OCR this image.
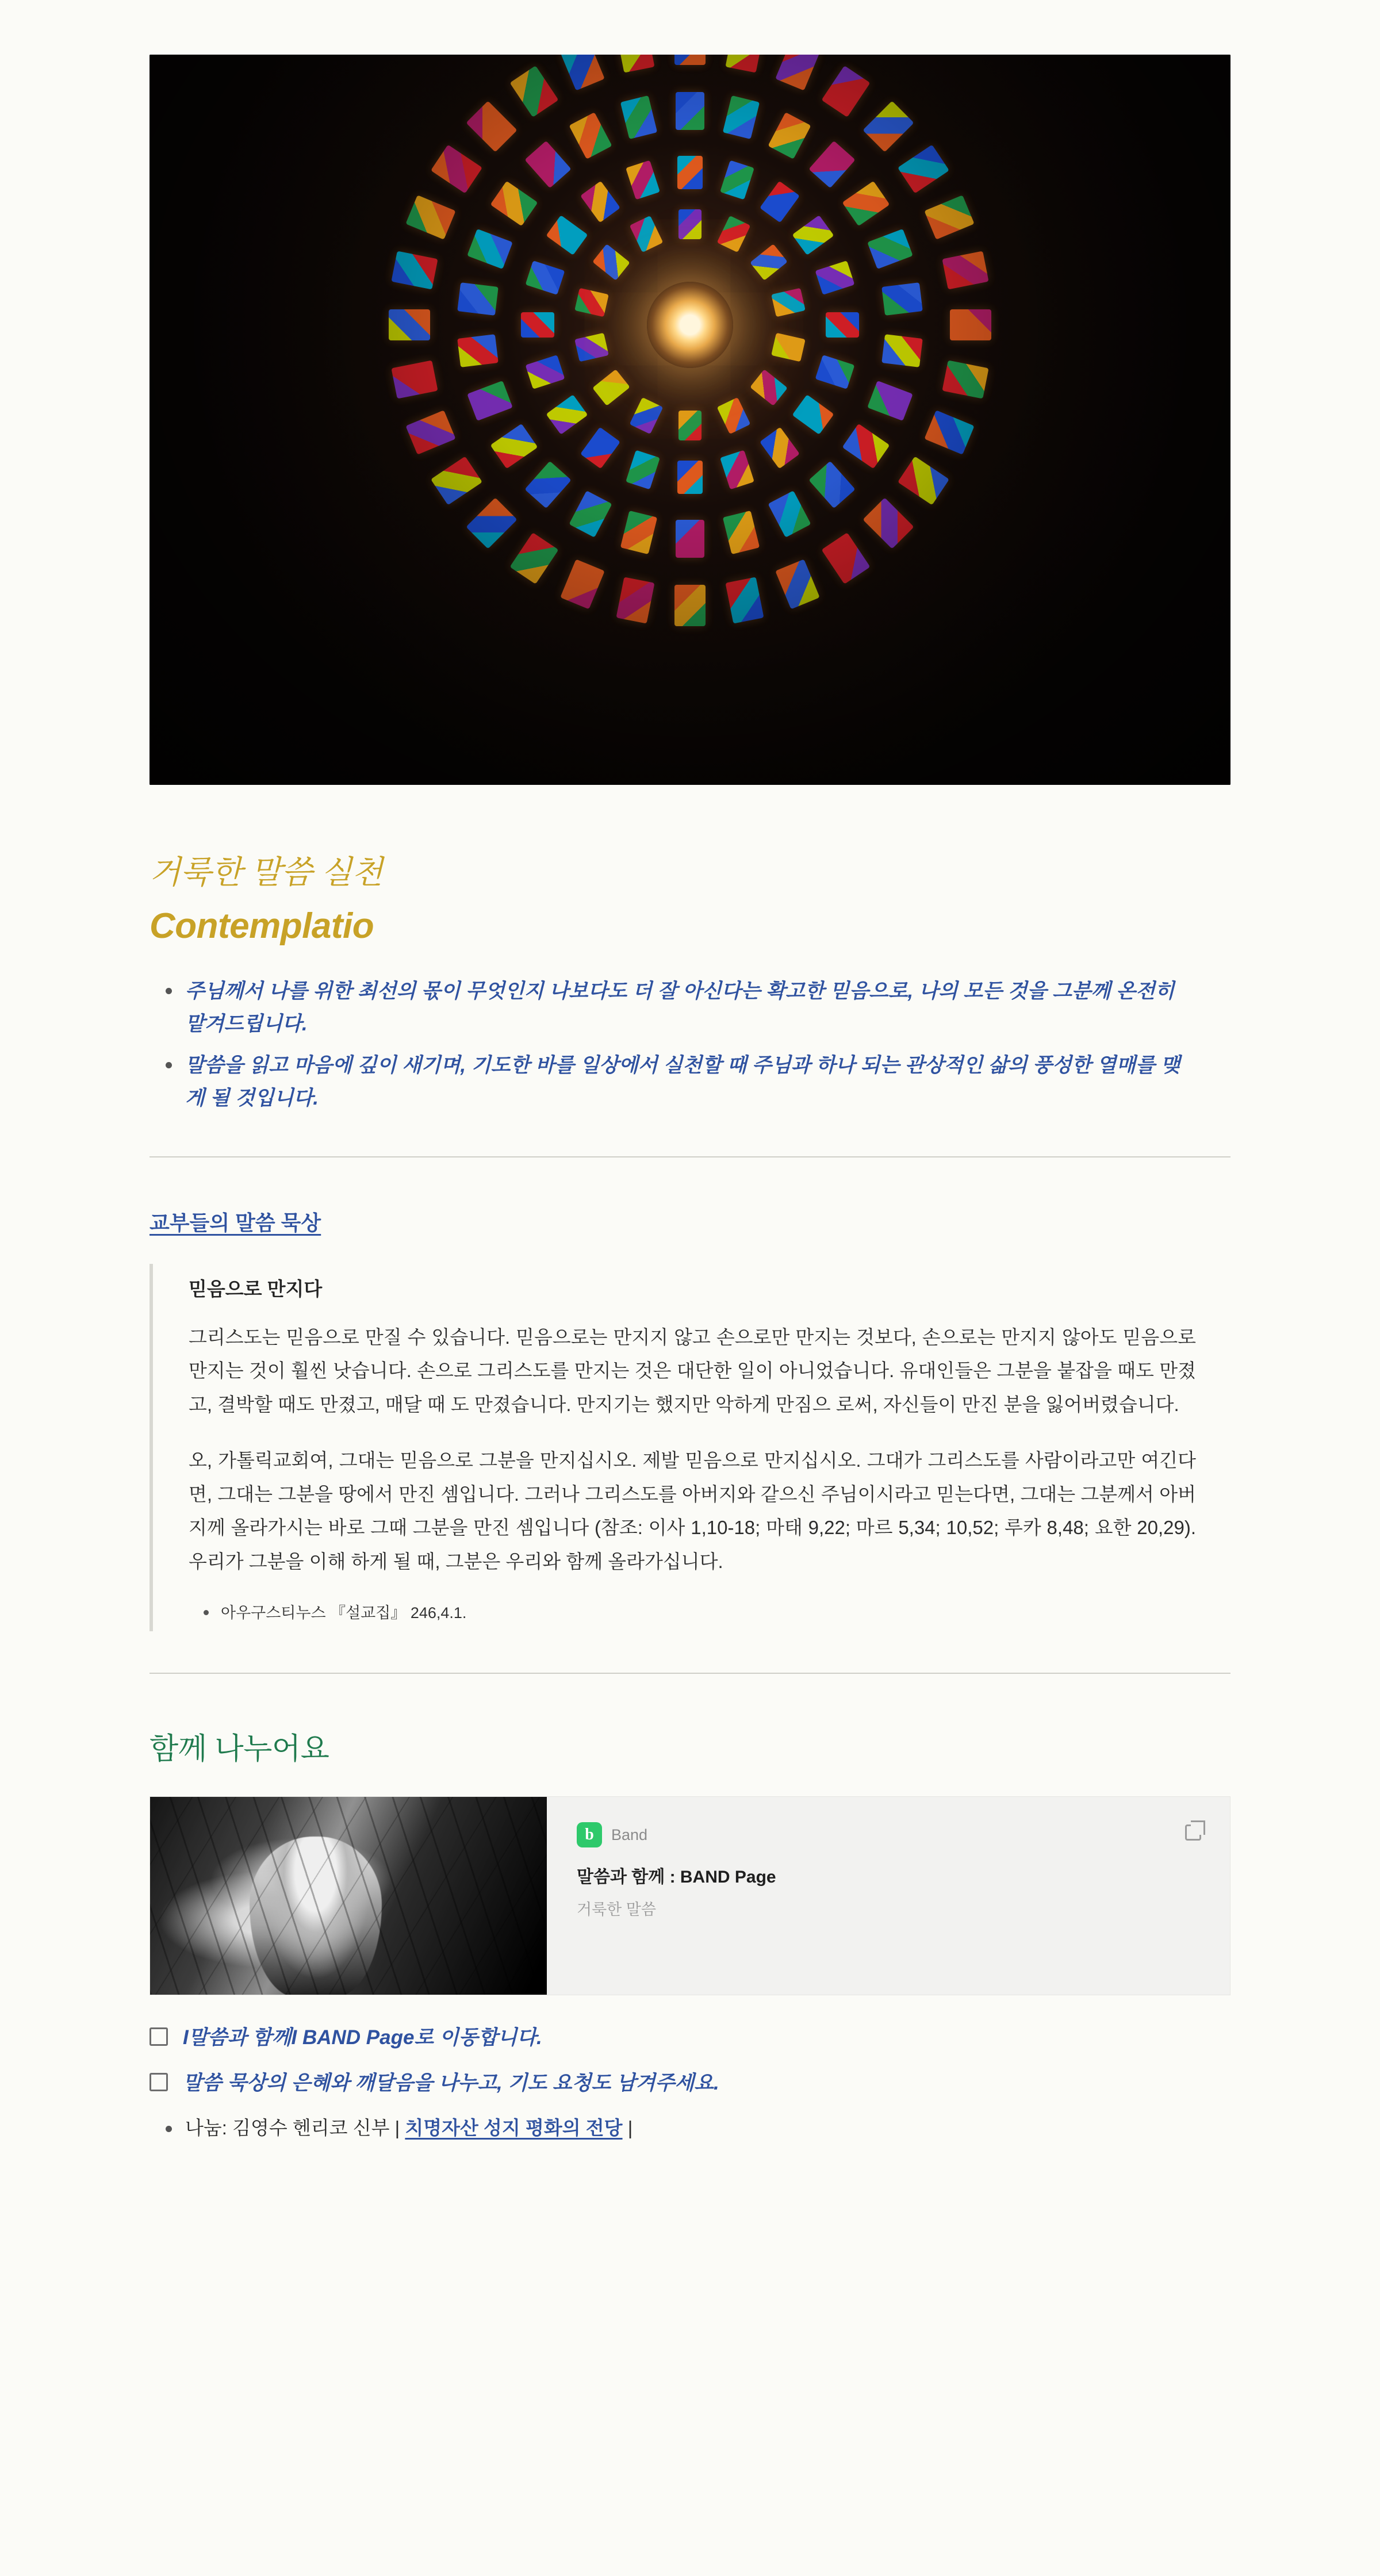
거룩한 말씀 실천
Contemplatio
주님께서 나를 위한 최선의 몫이 무엇인지 나보다도 더 잘 아신다는 확고한 믿음으로, 나의 모든 것을 그분께 온전히 맡겨드립니다.
말씀을 읽고 마음에 깊이 새기며, 기도한 바를 일상에서 실천할 때 주님과 하나 되는 관상적인 삶의 풍성한 열매를 맺게 될 것입니다.
교부들의 말씀 묵상
믿음으로 만지다

그리스도는 믿음으로 만질 수 있습니다. 믿음으로는 만지지 않고 손으로만 만지는 것보다, 손으로는 만지지 않아도 믿음으로 만지는 것이 훨씬 낫습니다. 손으로 그리스도를 만지는 것은 대단한 일이 아니었습니다. 유대인들은 그분을 붙잡을 때도 만졌고, 결박할 때도 만졌고, 매달 때 도 만졌습니다. 만지기는 했지만 악하게 만짐으 로써, 자신들이 만진 분을 잃어버렸습니다.

오, 가톨릭교회여, 그대는 믿음으로 그분을 만지십시오. 제발 믿음으로 만지십시오. 그대가 그리스도를 사람이라고만 여긴다면, 그대는 그분을 땅에서 만진 셈입니다. 그러나 그리스도를 아버지와 같으신 주님이시라고 믿는다면, 그대는 그분께서 아버지께 올라가시는 바로 그때 그분을 만진 셈입니다 (참조: 이사 1,10-18; 마태 9,22; 마르 5,34; 10,52; 루카 8,48; 요한 20,29). 우리가 그분을 이해 하게 될 때, 그분은 우리와 함께 올라가십니다.

아우구스티누스 『설교집』 246,4.1.
함께 나누어요
b	Band
말씀과 함께 : BAND Page
거룩한 말씀
I말씀과 함께I BAND Page로 이동합니다.
말씀 묵상의 은혜와 깨달음을 나누고, 기도 요청도 남겨주세요.
나눔: 김영수 헨리코 신부 | 치명자산 성지 평화의 전당 |
